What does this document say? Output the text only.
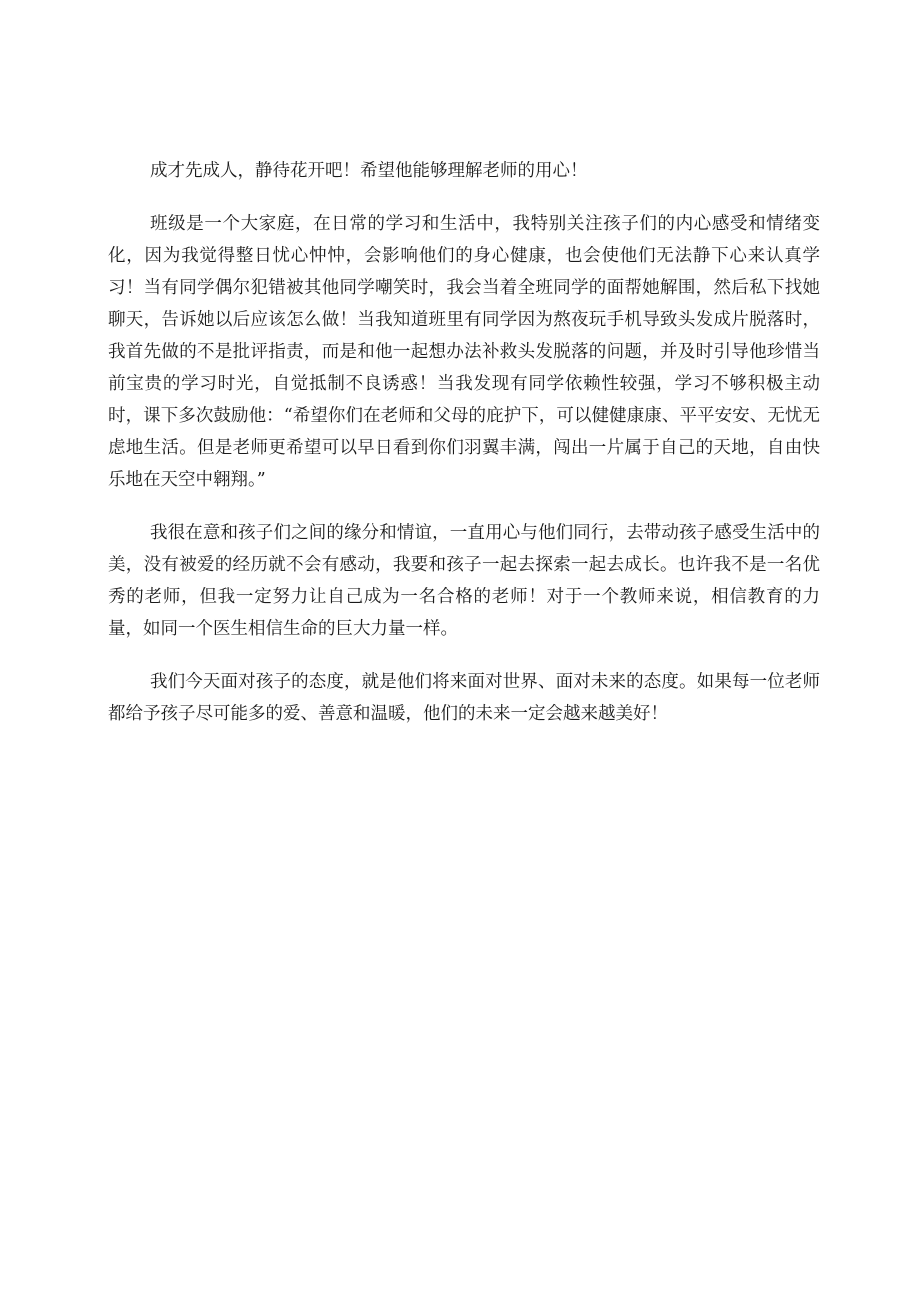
成才先成人，静待花开吧！希望他能够理解老师的用心！

班级是一个大家庭，在日常的学习和生活中，我特别关注孩子们的内心感受和情绪变化，因为我觉得整日忧心忡忡，会影响他们的身心健康，也会使他们无法静下心来认真学习！当有同学偶尔犯错被其他同学嘲笑时，我会当着全班同学的面帮她解围，然后私下找她聊天，告诉她以后应该怎么做！当我知道班里有同学因为熬夜玩手机导致头发成片脱落时，我首先做的不是批评指责，而是和他一起想办法补救头发脱落的问题，并及时引导他珍惜当前宝贵的学习时光，自觉抵制不良诱惑！当我发现有同学依赖性较强，学习不够积极主动时，课下多次鼓励他：“希望你们在老师和父母的庇护下，可以健健康康、平平安安、无忧无虑地生活。但是老师更希望可以早日看到你们羽翼丰满，闯出一片属于自己的天地，自由快乐地在天空中翱翔。”

我很在意和孩子们之间的缘分和情谊，一直用心与他们同行，去带动孩子感受生活中的美，没有被爱的经历就不会有感动，我要和孩子一起去探索一起去成长。也许我不是一名优秀的老师，但我一定努力让自己成为一名合格的老师！对于一个教师来说，相信教育的力量，如同一个医生相信生命的巨大力量一样。

我们今天面对孩子的态度，就是他们将来面对世界、面对未来的态度。如果每一位老师都给予孩子尽可能多的爱、善意和温暖，他们的未来一定会越来越美好！
